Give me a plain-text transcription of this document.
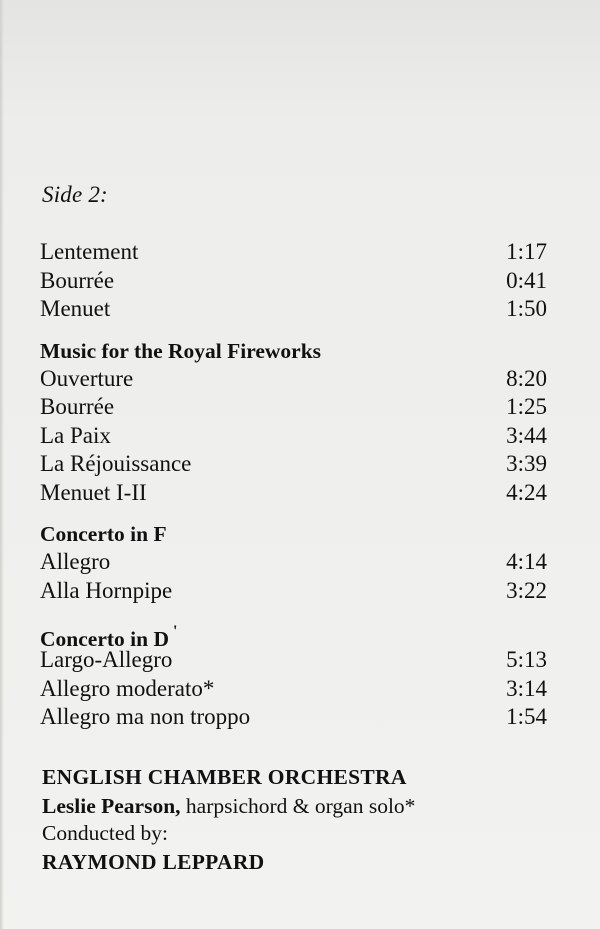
Side 2:
Lentement	1:17
Bourrée	0:41
Menuet	1:50
Music for the Royal Fireworks
Ouverture	8:20
Bourrée	1:25
La Paix	3:44
La Réjouissance	3:39
Menuet I-II	4:24
Concerto in F
Allegro	4:14
Alla Hornpipe	3:22
Concerto in D '
Largo-Allegro	5:13
Allegro moderato*	3:14
Allegro ma non troppo	1:54
ENGLISH CHAMBER ORCHESTRA
Leslie Pearson, harpsichord & organ solo*
Conducted by:
RAYMOND LEPPARD
